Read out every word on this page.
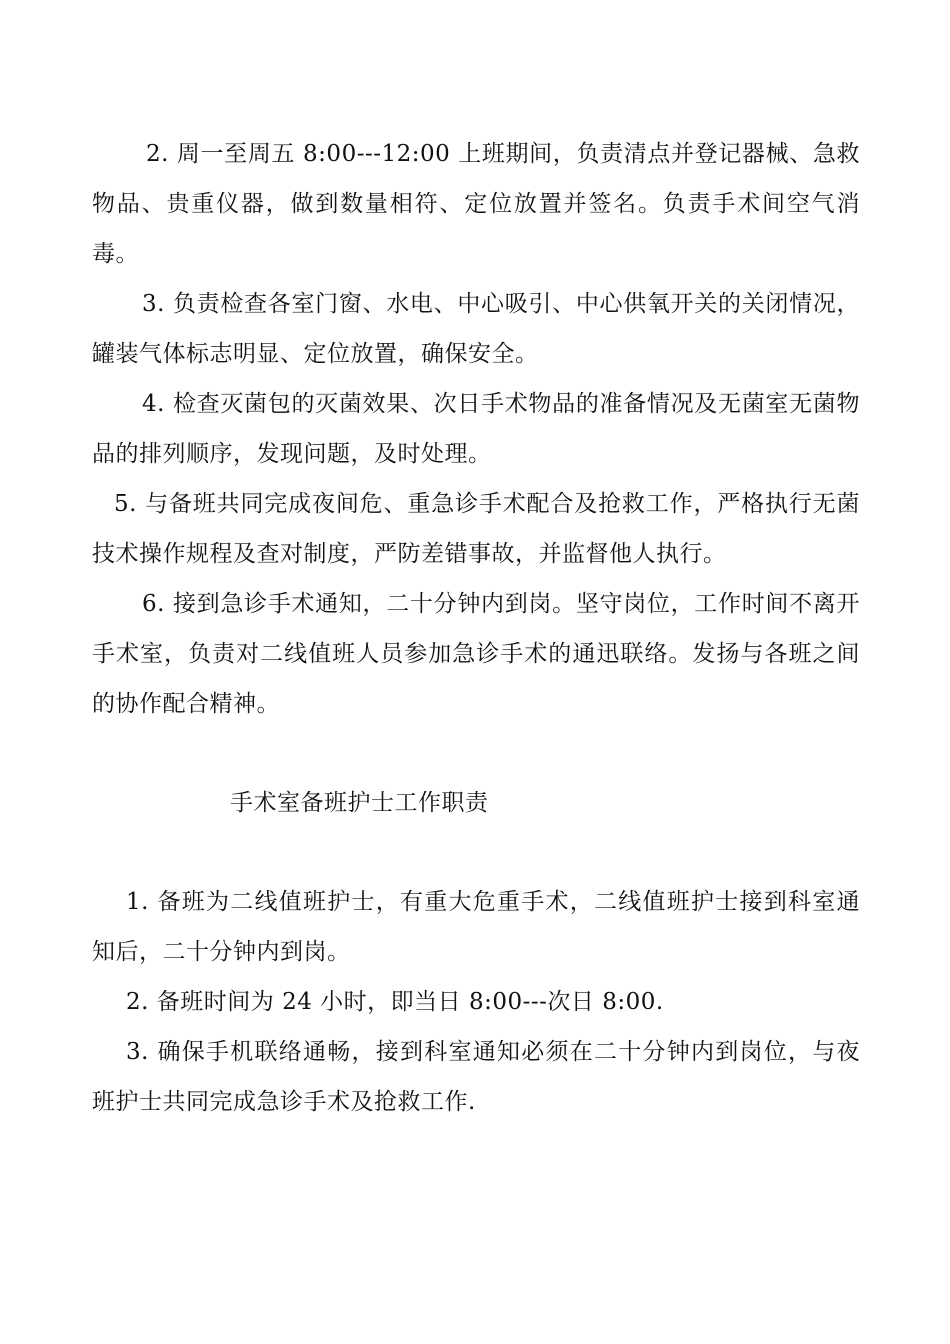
2. 周一至周五 8:00---12:00 上班期间，负责清点并登记器械、急救物品、贵重仪器，做到数量相符、定位放置并签名。负责手术间空气消毒。

3. 负责检查各室门窗、水电、中心吸引、中心供氧开关的关闭情况，罐装气体标志明显、定位放置，确保安全。

4. 检查灭菌包的灭菌效果、次日手术物品的准备情况及无菌室无菌物品的排列顺序，发现问题，及时处理。

5. 与备班共同完成夜间危、重急诊手术配合及抢救工作，严格执行无菌技术操作规程及查对制度，严防差错事故，并监督他人执行。

6. 接到急诊手术通知，二十分钟内到岗。坚守岗位，工作时间不离开手术室，负责对二线值班人员参加急诊手术的通迅联络。发扬与各班之间的协作配合精神。

手术室备班护士工作职责

1. 备班为二线值班护士，有重大危重手术，二线值班护士接到科室通知后，二十分钟内到岗。

2. 备班时间为 24 小时，即当日 8:00---次日 8:00.

3. 确保手机联络通畅，接到科室通知必须在二十分钟内到岗位，与夜班护士共同完成急诊手术及抢救工作.
